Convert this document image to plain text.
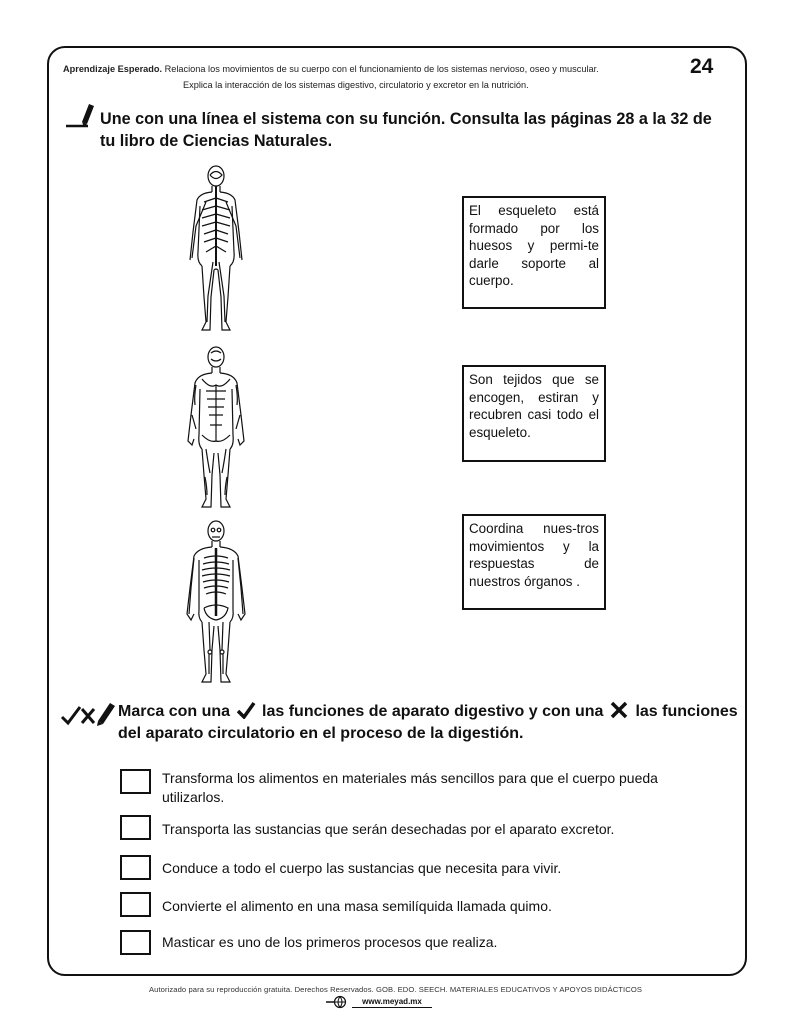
Aprendizaje Esperado. Relaciona los movimientos de su cuerpo con el funcionamiento de los sistemas nervioso, oseo y muscular.
Explica la interacción de los sistemas digestivo, circulatorio y excretor en la nutrición.
24
Une con una línea el sistema con su función. Consulta las páginas 28 a la 32 de tu libro de Ciencias Naturales.
El esqueleto está formado por los huesos y permi-te darle soporte al cuerpo.
Son tejidos que se encogen, estiran y recubren casi todo el esqueleto.
Coordina nues-tros movimientos y la respuestas de nuestros órganos .
Marca con una las funciones de aparato digestivo y con una las funciones del aparato circulatorio en el proceso de la digestión.
Transforma los alimentos en materiales más sencillos para que el cuerpo pueda utilizarlos.
Transporta las sustancias que serán desechadas por el aparato excretor.
Conduce a todo el cuerpo las sustancias que necesita para vivir.
Convierte el alimento en una masa semilíquida llamada quimo.
Masticar es uno de los primeros procesos que realiza.
Autorizado para su reproducción gratuita. Derechos Reservados. GOB. EDO. SEECH. MATERIALES EDUCATIVOS Y APOYOS DIDÁCTICOS
www.meyad.mx
